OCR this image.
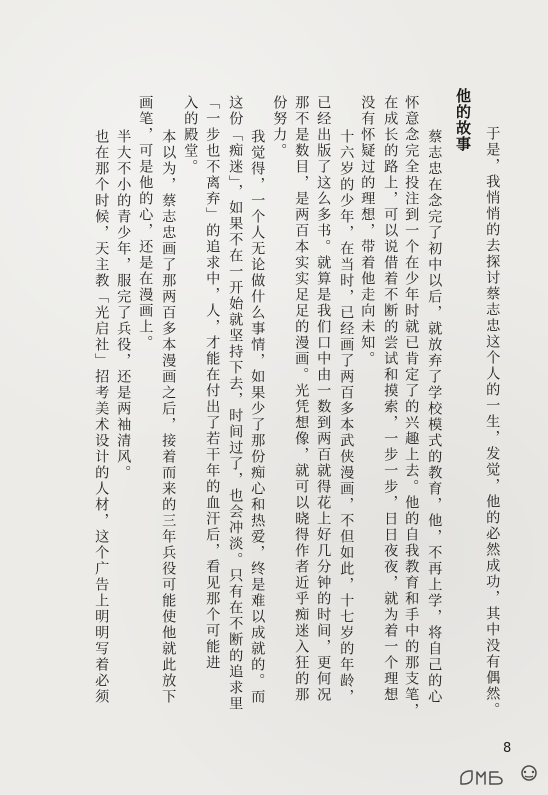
于是，我悄悄的去探讨蔡志忠这个人的一生，发觉，他的必然成功，其中没有偶然。

他的故事

蔡志忠在念完了初中以后，就放弃了学校模式的教育，他，不再上学，将自己的心

怀意念完全投注到一个在少年时就已肯定了的兴趣上去。他的自我教育和手中的那支笔，

在成长的路上，可以说借着不断的尝试和摸索，一步一步，日日夜夜，就为着一个理想

没有怀疑过的理想，带着他走向未知。

十六岁的少年，在当时，已经画了两百多本武侠漫画，不但如此，十七岁的年龄，

已经出版了这么多书。就算是我们口中由一数到两百就得花上好几分钟的时间，更何况

那不是数目，是两百本实实足足的漫画。光凭想像，就可以晓得作者近乎痴迷入狂的那

份努力。

我觉得，一个人无论做什么事情，如果少了那份痴心和热爱，终是难以成就的。而

这份「痴迷」，如果不在一开始就坚持下去，时间过了，也会冲淡。只有在不断的追求里

「一步也不离弃」的追求中，人，才能在付出了若干年的血汗后，看见那个可能进

入的殿堂。

本以为，蔡志忠画了那两百多本漫画之后，接着而来的三年兵役可能使他就此放下

画笔，可是他的心，还是在漫画上。

半大不小的青少年，服完了兵役，还是两袖清风。

也在那个时候，天主教「光启社」招考美术设计的人材，这个广告上明明写着必须

8
